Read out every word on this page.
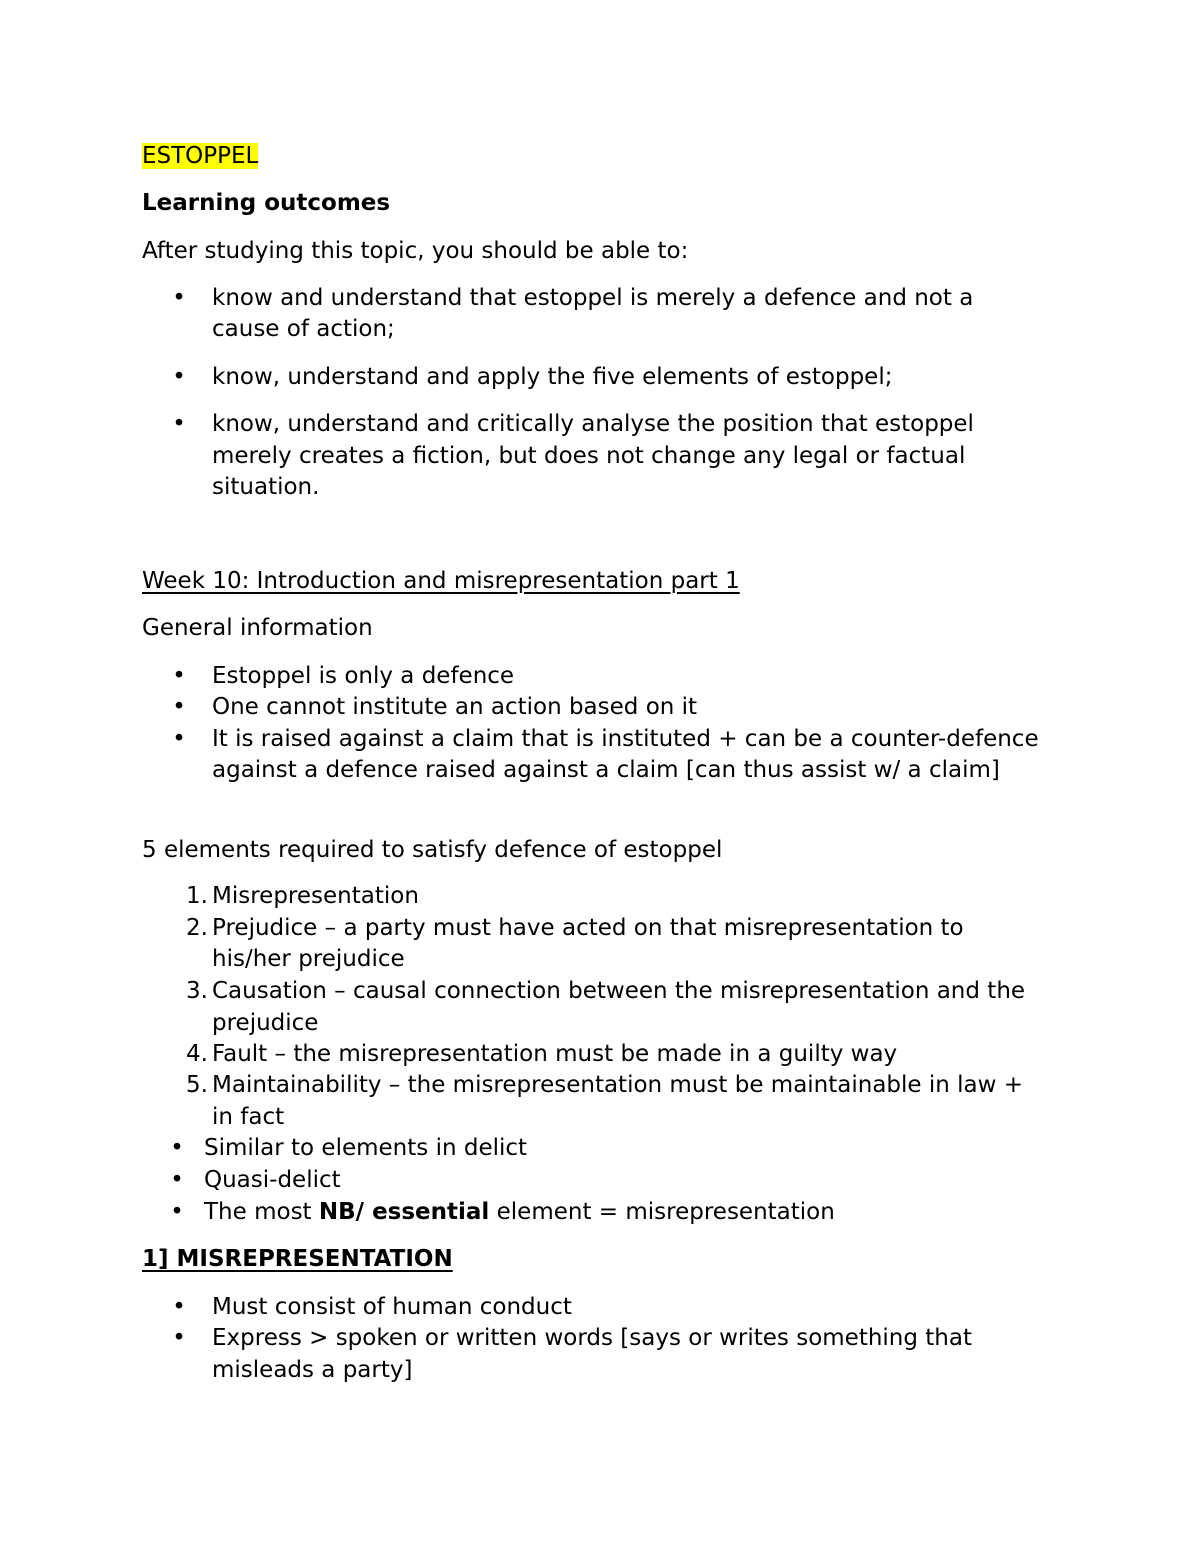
ESTOPPEL
Learning outcomes
After studying this topic, you should be able to:
• know and understand that estoppel is merely a defence and not a
cause of action;
• know, understand and apply the five elements of estoppel;
• know, understand and critically analyse the position that estoppel
merely creates a fiction, but does not change any legal or factual
situation.
Week 10: Introduction and misrepresentation part 1
General information
• Estoppel is only a defence
• One cannot institute an action based on it
• It is raised against a claim that is instituted + can be a counter-defence
against a defence raised against a claim [can thus assist w/ a claim]
5 elements required to satisfy defence of estoppel
1. Misrepresentation
2. Prejudice – a party must have acted on that misrepresentation to
his/her prejudice
3. Causation – causal connection between the misrepresentation and the
prejudice
4. Fault – the misrepresentation must be made in a guilty way
5. Maintainability – the misrepresentation must be maintainable in law +
in fact
• Similar to elements in delict
• Quasi-delict
• The most NB/ essential element = misrepresentation
1] MISREPRESENTATION
• Must consist of human conduct
• Express > spoken or written words [says or writes something that
misleads a party]
